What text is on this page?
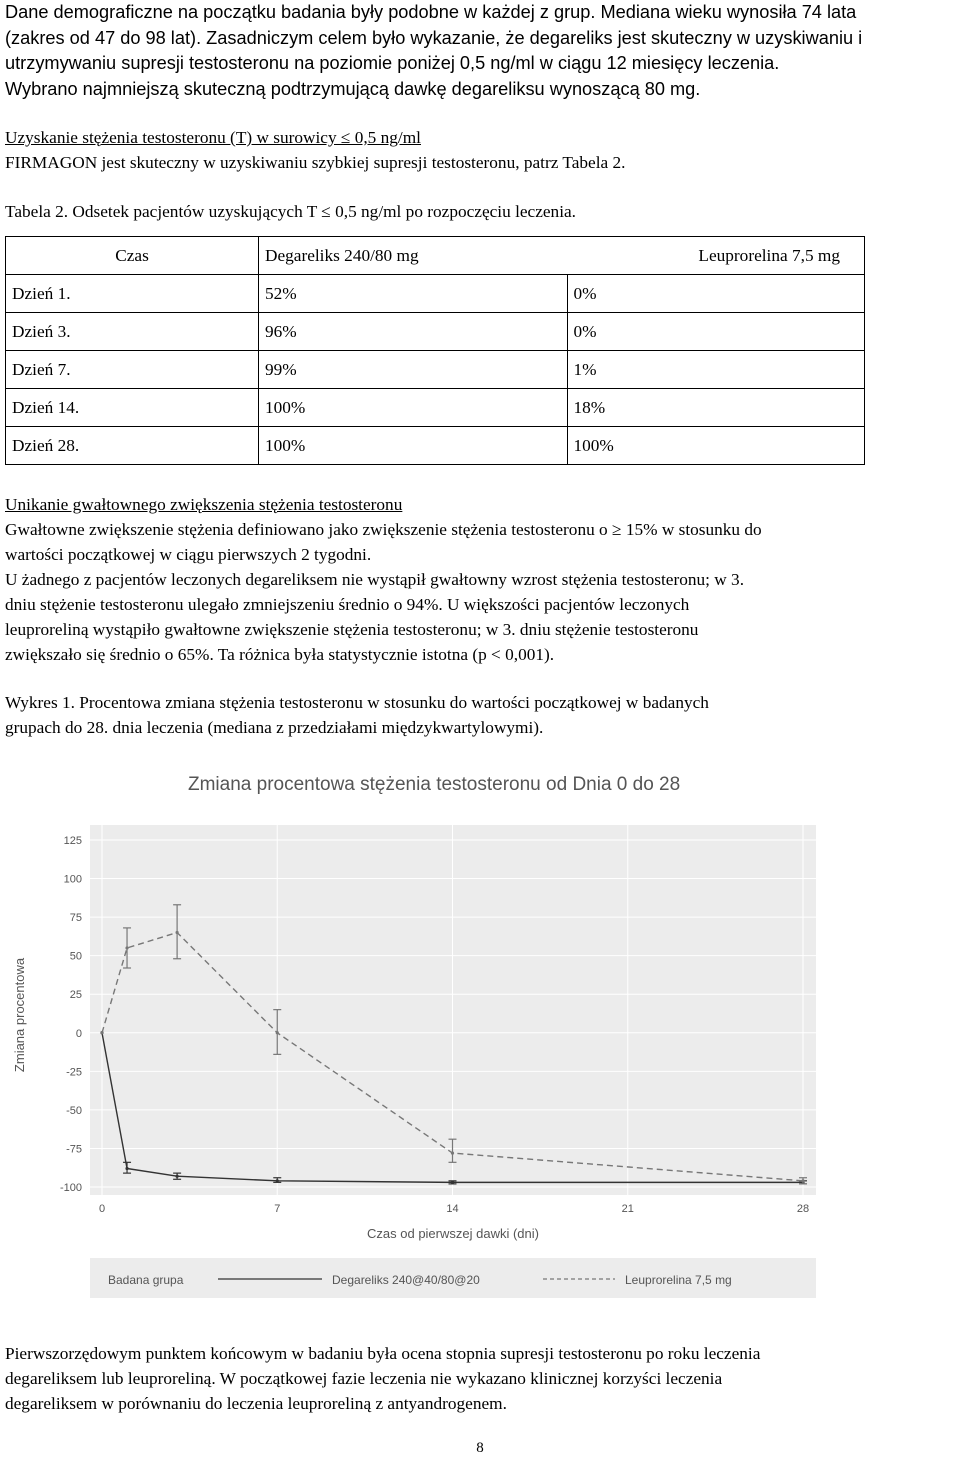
Dane demograficzne na początku badania były podobne w każdej z grup. Mediana wieku wynosiła 74 lata
(zakres od 47 do 98 lat). Zasadniczym celem było wykazanie, że degareliks jest skuteczny w uzyskiwaniu i
utrzymywaniu supresji testosteronu na poziomie poniżej 0,5 ng/ml w ciągu 12 miesięcy leczenia.
Wybrano najmniejszą skuteczną podtrzymującą dawkę degareliksu wynoszącą 80 mg.
Uzyskanie stężenia testosteronu (T) w surowicy ≤ 0,5 ng/ml
FIRMAGON jest skuteczny w uzyskiwaniu szybkiej supresji testosteronu, patrz Tabela 2.
Tabela 2. Odsetek pacjentów uzyskujących T ≤ 0,5 ng/ml po rozpoczęciu leczenia.
Czas	Degareliks 240/80 mg	Leuprorelina 7,5 mg
Dzień 1.	52%	0%
Dzień 3.	96%	0%
Dzień 7.	99%	1%
Dzień 14.	100%	18%
Dzień 28.	100%	100%
Unikanie gwałtownego zwiększenia stężenia testosteronu
Gwałtowne zwiększenie stężenia definiowano jako zwiększenie stężenia testosteronu o ≥ 15% w stosunku do
wartości początkowej w ciągu pierwszych 2 tygodni.
U żadnego z pacjentów leczonych degareliksem nie wystąpił gwałtowny wzrost stężenia testosteronu; w 3.
dniu stężenie testosteronu ulegało zmniejszeniu średnio o 94%. U większości pacjentów leczonych
leuproreliną wystąpiło gwałtowne zwiększenie stężenia testosteronu; w 3. dniu stężenie testosteronu
zwiększało się średnio o 65%. Ta różnica była statystycznie istotna (p < 0,001).
Wykres 1. Procentowa zmiana stężenia testosteronu w stosunku do wartości początkowej w badanych
grupach do 28. dnia leczenia (mediana z przedziałami międzykwartylowymi).
Zmiana procentowa stężenia testosteronu od Dnia 0 do 28
125
100
75
50
25
0
-25
-50
-75
-100
0	7	14	21	28
Zmiana procentowa
Czas od pierwszej dawki (dni)
Badana grupa	Degareliks 240@40/80@20	Leuprorelina 7,5 mg
Pierwszorzędowym punktem końcowym w badaniu była ocena stopnia supresji testosteronu po roku leczenia
degareliksem lub leuproreliną. W początkowej fazie leczenia nie wykazano klinicznej korzyści leczenia
degareliksem w porównaniu do leczenia leuproreliną z antyandrogenem.
8
